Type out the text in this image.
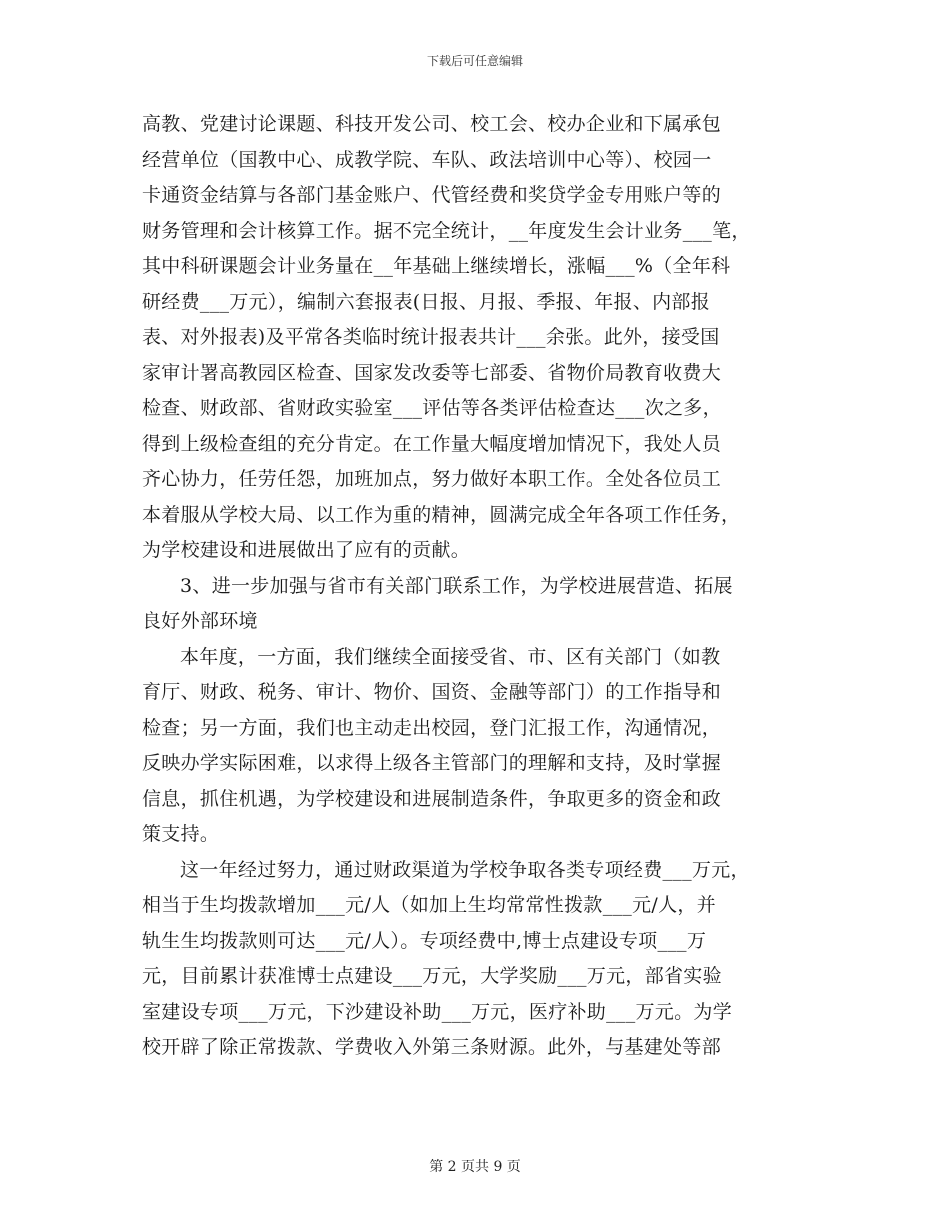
下载后可任意编辑
高教、党建讨论课题、科技开发公司、校工会、校办企业和下属承包
经营单位（国教中心、成教学院、车队、政法培训中心等）、校园一
卡通资金结算与各部门基金账户、代管经费和奖贷学金专用账户等的
财务管理和会计核算工作。据不完全统计，__年度发生会计业务___笔，
其中科研课题会计业务量在__年基础上继续增长，涨幅___%（全年科
研经费___万元），编制六套报表(日报、月报、季报、年报、内部报
表、对外报表)及平常各类临时统计报表共计___余张。此外，接受国
家审计署高教园区检查、国家发改委等七部委、省物价局教育收费大
检查、财政部、省财政实验室___评估等各类评估检查达___次之多，
得到上级检查组的充分肯定。在工作量大幅度增加情况下，我处人员
齐心协力，任劳任怨，加班加点，努力做好本职工作。全处各位员工
本着服从学校大局、以工作为重的精神，圆满完成全年各项工作任务，
为学校建设和进展做出了应有的贡献。
3、进一步加强与省市有关部门联系工作，为学校进展营造、拓展
良好外部环境
本年度，一方面，我们继续全面接受省、市、区有关部门（如教
育厅、财政、税务、审计、物价、国资、金融等部门）的工作指导和
检查；另一方面，我们也主动走出校园，登门汇报工作，沟通情况，
反映办学实际困难，以求得上级各主管部门的理解和支持，及时掌握
信息，抓住机遇，为学校建设和进展制造条件，争取更多的资金和政
策支持。
这一年经过努力，通过财政渠道为学校争取各类专项经费___万元，
相当于生均拨款增加___元/人（如加上生均常常性拨款___元/人，并
轨生生均拨款则可达___元/人）。专项经费中,博士点建设专项___万
元，目前累计获准博士点建设___万元，大学奖励___万元，部省实验
室建设专项___万元，下沙建设补助___万元，医疗补助___万元。为学
校开辟了除正常拨款、学费收入外第三条财源。此外，与基建处等部
第 2 页共 9 页
